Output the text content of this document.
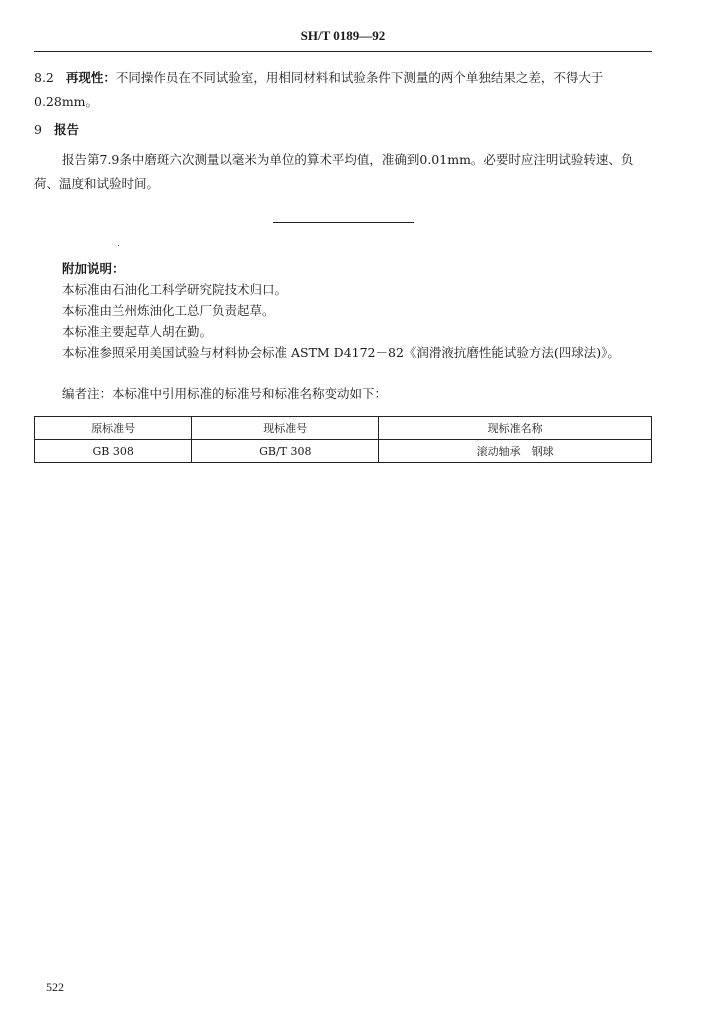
SH/T 0189—92

8.2 再现性：不同操作员在不同试验室，用相同材料和试验条件下测量的两个单独结果之差，不得大于0.28mm。

9 报告

报告第7.9条中磨斑六次测量以毫米为单位的算术平均值，准确到0.01mm。必要时应注明试验转速、负荷、温度和试验时间。

附加说明：
本标准由石油化工科学研究院技术归口。
本标准由兰州炼油化工总厂负责起草。
本标准主要起草人胡在勤。
本标准参照采用美国试验与材料协会标准 ASTM D4172－82《润滑液抗磨性能试验方法(四球法)》。
编者注：本标准中引用标准的标准号和标准名称变动如下：
原标准号	现标准号	现标准名称
GB 308	GB/T 308	滚动轴承　钢球
522
